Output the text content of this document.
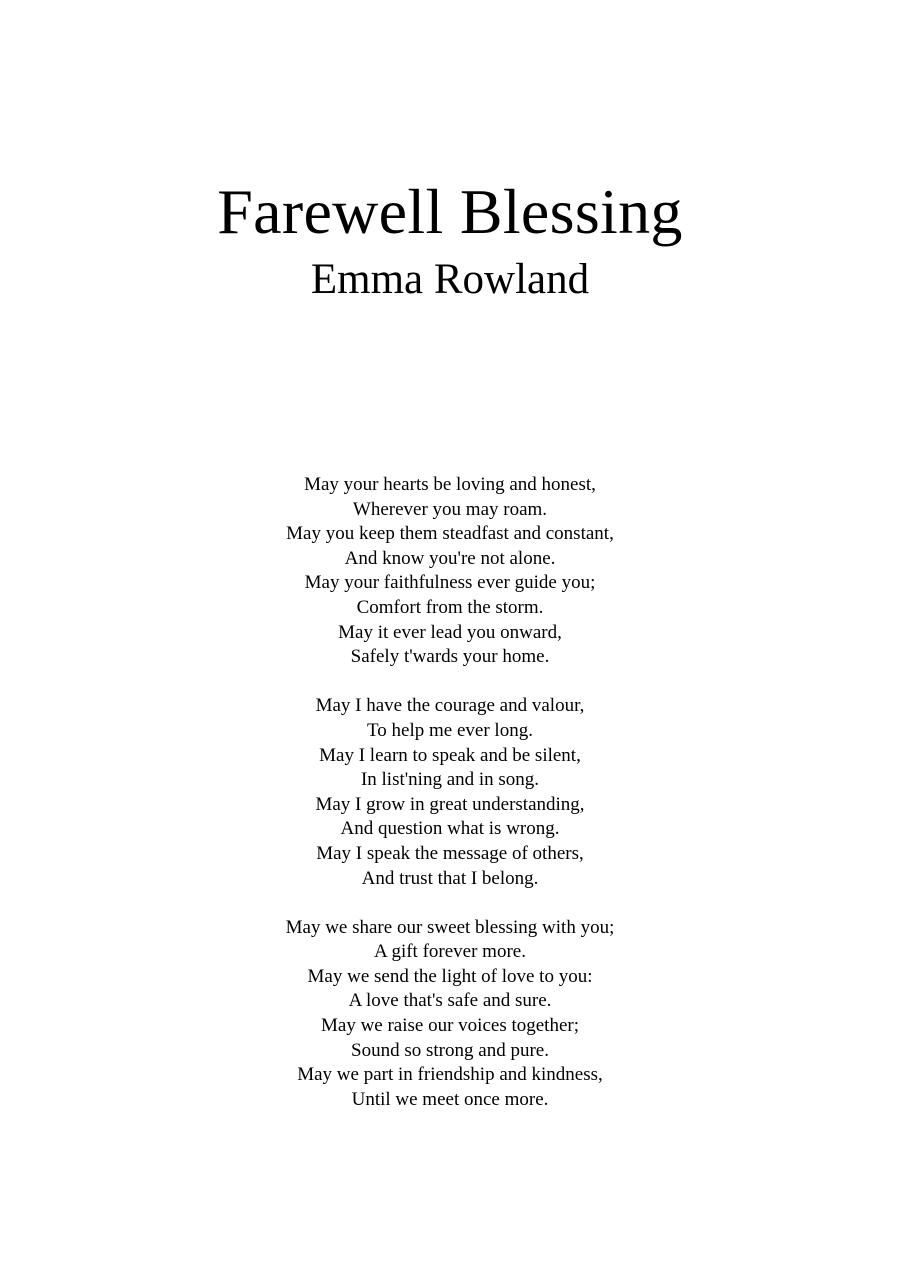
Farewell Blessing
Emma Rowland
May your hearts be loving and honest,
Wherever you may roam.
May you keep them steadfast and constant,
And know you're not alone.
May your faithfulness ever guide you;
Comfort from the storm.
May it ever lead you onward,
Safely t'wards your home.
May I have the courage and valour,
To help me ever long.
May I learn to speak and be silent,
In list'ning and in song.
May I grow in great understanding,
And question what is wrong.
May I speak the message of others,
And trust that I belong.
May we share our sweet blessing with you;
A gift forever more.
May we send the light of love to you:
A love that's safe and sure.
May we raise our voices together;
Sound so strong and pure.
May we part in friendship and kindness,
Until we meet once more.
